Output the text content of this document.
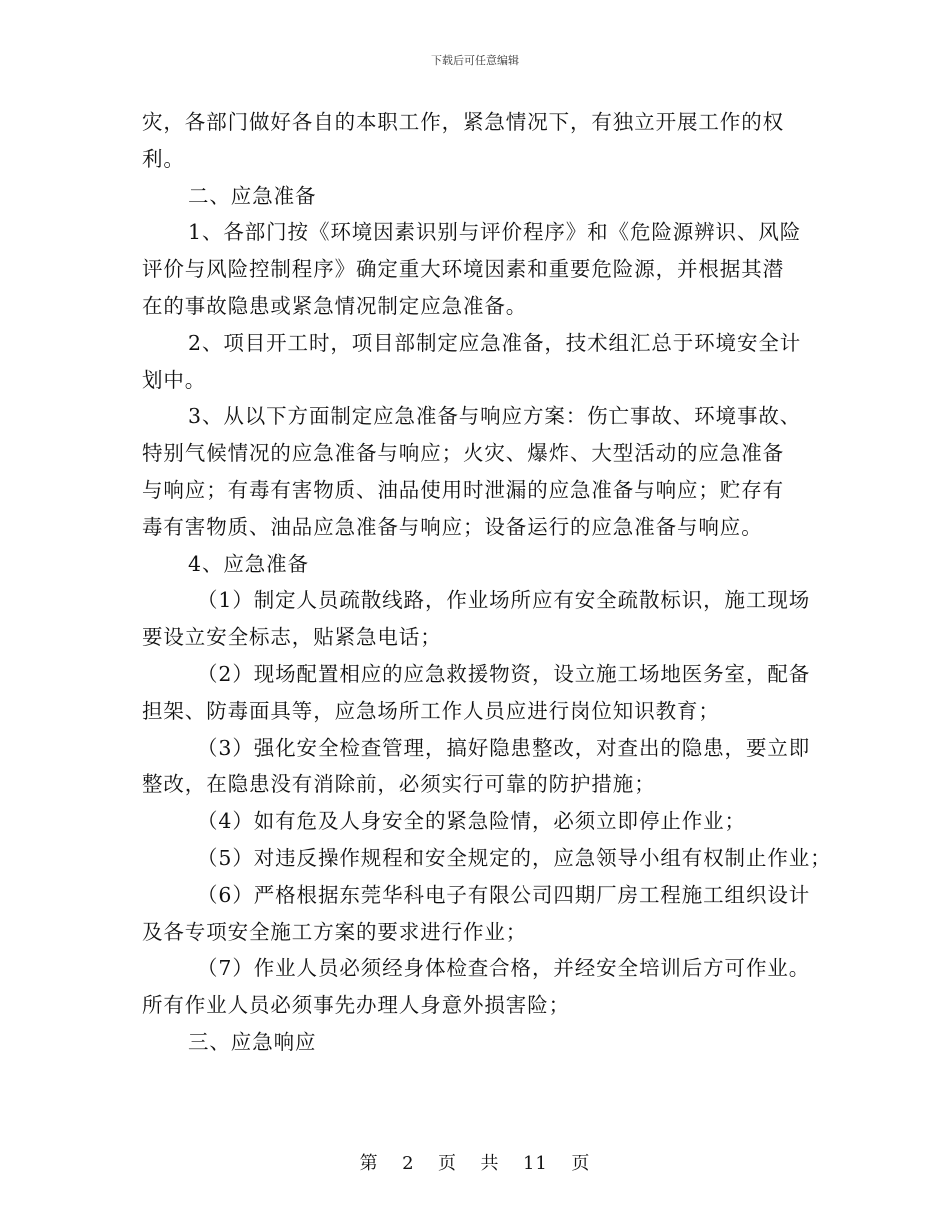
下载后可任意编辑
灾，各部门做好各自的本职工作，紧急情况下，有独立开展工作的权
利。
二、应急准备
1、各部门按《环境因素识别与评价程序》和《危险源辨识、风险
评价与风险控制程序》确定重大环境因素和重要危险源，并根据其潜
在的事故隐患或紧急情况制定应急准备。
2、项目开工时，项目部制定应急准备，技术组汇总于环境安全计
划中。
3、从以下方面制定应急准备与响应方案：伤亡事故、环境事故、
特别气候情况的应急准备与响应；火灾、爆炸、大型活动的应急准备
与响应；有毒有害物质、油品使用时泄漏的应急准备与响应；贮存有
毒有害物质、油品应急准备与响应；设备运行的应急准备与响应。
4、应急准备
（1）制定人员疏散线路，作业场所应有安全疏散标识，施工现场
要设立安全标志，贴紧急电话；
（2）现场配置相应的应急救援物资，设立施工场地医务室，配备
担架、防毒面具等，应急场所工作人员应进行岗位知识教育；
（3）强化安全检查管理，搞好隐患整改，对查出的隐患，要立即
整改，在隐患没有消除前，必须实行可靠的防护措施；
（4）如有危及人身安全的紧急险情，必须立即停止作业；
（5）对违反操作规程和安全规定的，应急领导小组有权制止作业；
（6）严格根据东莞华科电子有限公司四期厂房工程施工组织设计
及各专项安全施工方案的要求进行作业；
（7）作业人员必须经身体检查合格，并经安全培训后方可作业。
所有作业人员必须事先办理人身意外损害险；
三、应急响应
第 2 页 共 11 页
